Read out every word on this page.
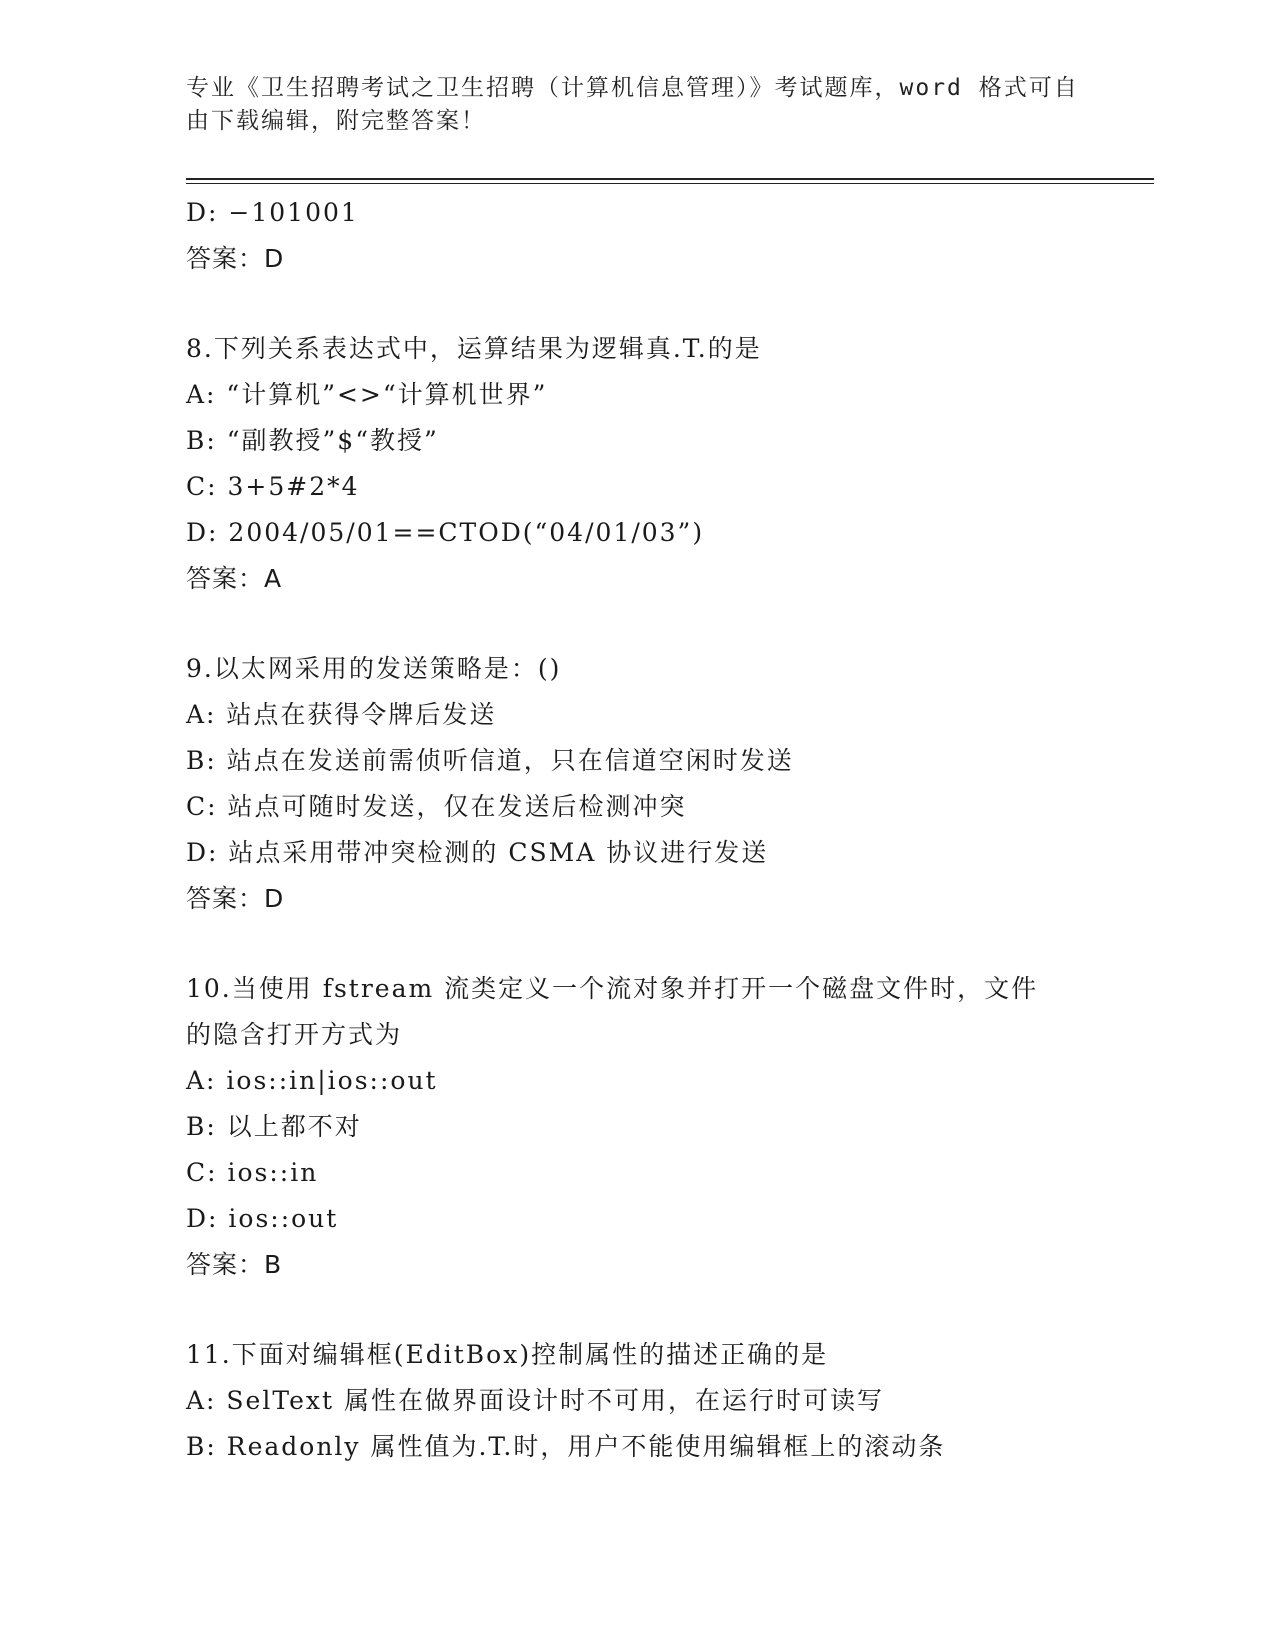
专业《卫生招聘考试之卫生招聘（计算机信息管理）》考试题库，word 格式可自
由下载编辑，附完整答案！
D: −101001
答案：D
8.下列关系表达式中，运算结果为逻辑真.T.的是
A: “计算机”<>“计算机世界”
B: “副教授”$“教授”
C: 3+5#2*4
D: 2004/05/01==CTOD(“04/01/03”)
答案：A
9.以太网采用的发送策略是：()
A: 站点在获得令牌后发送
B: 站点在发送前需侦听信道，只在信道空闲时发送
C: 站点可随时发送，仅在发送后检测冲突
D: 站点采用带冲突检测的 CSMA 协议进行发送
答案：D
10.当使用 fstream 流类定义一个流对象并打开一个磁盘文件时，文件
的隐含打开方式为
A: ios::in|ios::out
B: 以上都不对
C: ios::in
D: ios::out
答案：B
11.下面对编辑框(EditBox)控制属性的描述正确的是
A: SelText 属性在做界面设计时不可用，在运行时可读写
B: Readonly 属性值为.T.时，用户不能使用编辑框上的滚动条
